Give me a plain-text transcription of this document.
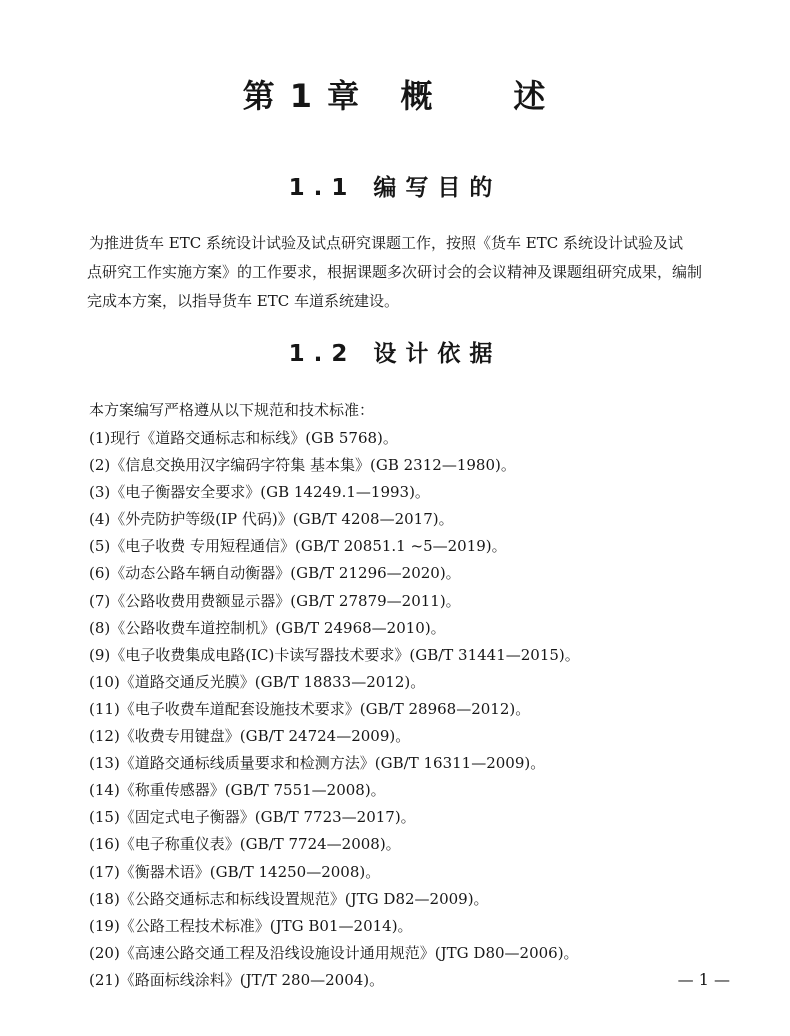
第 1 章   概      述
1.1 编写目的

为推进货车 ETC 系统设计试验及试点研究课题工作，按照《货车 ETC 系统设计试验及试
点研究工作实施方案》的工作要求，根据课题多次研讨会的会议精神及课题组研究成果，编制
完成本方案，以指导货车 ETC 车道系统建设。

1.2 设计依据
本方案编写严格遵从以下规范和技术标准：
(1)现行《道路交通标志和标线》(GB 5768)。
(2)《信息交换用汉字编码字符集 基本集》(GB 2312—1980)。
(3)《电子衡器安全要求》(GB 14249.1—1993)。
(4)《外壳防护等级(IP 代码)》(GB/T 4208—2017)。
(5)《电子收费 专用短程通信》(GB/T 20851.1 ~5—2019)。
(6)《动态公路车辆自动衡器》(GB/T 21296—2020)。
(7)《公路收费用费额显示器》(GB/T 27879—2011)。
(8)《公路收费车道控制机》(GB/T 24968—2010)。
(9)《电子收费集成电路(IC)卡读写器技术要求》(GB/T 31441—2015)。
(10)《道路交通反光膜》(GB/T 18833—2012)。
(11)《电子收费车道配套设施技术要求》(GB/T 28968—2012)。
(12)《收费专用键盘》(GB/T 24724—2009)。
(13)《道路交通标线质量要求和检测方法》(GB/T 16311—2009)。
(14)《称重传感器》(GB/T 7551—2008)。
(15)《固定式电子衡器》(GB/T 7723—2017)。
(16)《电子称重仪表》(GB/T 7724—2008)。
(17)《衡器术语》(GB/T 14250—2008)。
(18)《公路交通标志和标线设置规范》(JTG D82—2009)。
(19)《公路工程技术标准》(JTG B01—2014)。
(20)《高速公路交通工程及沿线设施设计通用规范》(JTG D80—2006)。
(21)《路面标线涂料》(JT/T 280—2004)。	— 1 —
